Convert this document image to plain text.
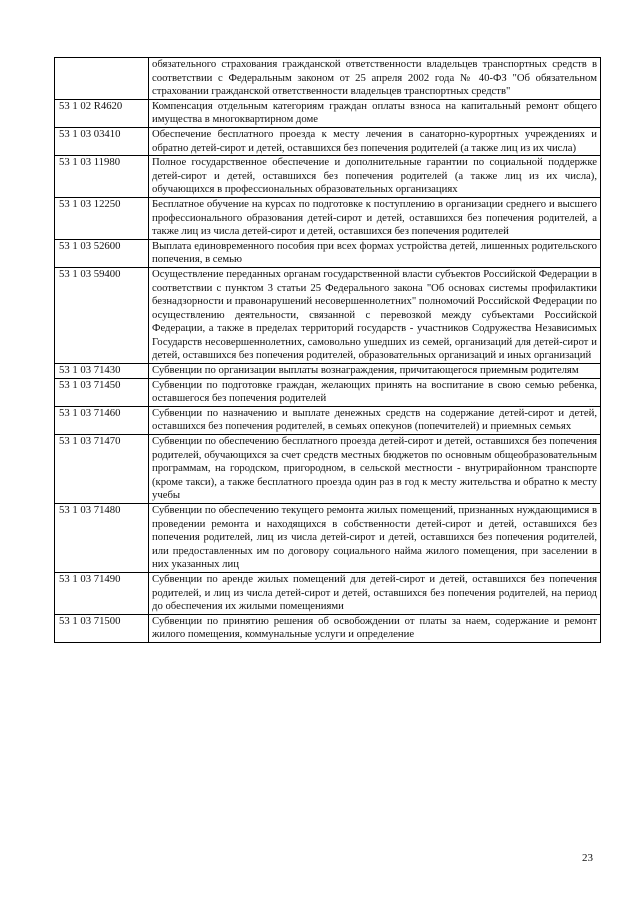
	обязательного страхования гражданской ответственности владельцев транспортных средств в соответствии с Федеральным законом от 25 апреля 2002 года № 40-ФЗ "Об обязательном страховании гражданской ответственности владельцев транспортных средств"
53 1 02 R4620	Компенсация отдельным категориям граждан оплаты взноса на капитальный ремонт общего имущества в многоквартирном доме
53 1 03 03410	Обеспечение бесплатного проезда к месту лечения в санаторно-курортных учреждениях и обратно детей-сирот и детей, оставшихся без попечения родителей (а также лиц из их числа)
53 1 03 11980	Полное государственное обеспечение и дополнительные гарантии по социальной поддержке детей-сирот и детей, оставшихся без попечения родителей (а также лиц из их числа), обучающихся в профессиональных образовательных организациях
53 1 03 12250	Бесплатное обучение на курсах по подготовке к поступлению в организации среднего и высшего профессионального образования детей-сирот и детей, оставшихся без попечения родителей, а также лиц из числа детей-сирот и детей, оставшихся без попечения родителей
53 1 03 52600	Выплата единовременного пособия при всех формах устройства детей, лишенных родительского попечения, в семью
53 1 03 59400	Осуществление переданных органам государственной власти субъектов Российской Федерации в соответствии с пунктом 3 статьи 25 Федерального закона "Об основах системы профилактики безнадзорности и правонарушений несовершеннолетних" полномочий Российской Федерации по осуществлению деятельности, связанной с перевозкой между субъектами Российской Федерации, а также в пределах территорий государств - участников Содружества Независимых Государств несовершеннолетних, самовольно ушедших из семей, организаций для детей-сирот и детей, оставшихся без попечения родителей, образовательных организаций и иных организаций
53 1 03 71430	Субвенции по организации выплаты вознаграждения, причитающегося приемным родителям
53 1 03 71450	Субвенции по подготовке граждан, желающих принять на воспитание в свою семью ребенка, оставшегося без попечения родителей
53 1 03 71460	Субвенции по назначению и выплате денежных средств на содержание детей-сирот и детей, оставшихся без попечения родителей, в семьях опекунов (попечителей) и приемных семьях
53 1 03 71470	Субвенции по обеспечению бесплатного проезда детей-сирот и детей, оставшихся без попечения родителей, обучающихся за счет средств местных бюджетов по основным общеобразовательным программам, на городском, пригородном, в сельской местности - внутрирайонном транспорте (кроме такси), а также бесплатного проезда один раз в год к месту жительства и обратно к месту учебы
53 1 03 71480	Субвенции по обеспечению текущего ремонта жилых помещений, признанных нуждающимися в проведении ремонта и находящихся в собственности детей-сирот и детей, оставшихся без попечения родителей, лиц из числа детей-сирот и детей, оставшихся без попечения родителей, или предоставленных им по договору социального найма жилого помещения, при заселении в них указанных лиц
53 1 03 71490	Субвенции по аренде жилых помещений для детей-сирот и детей, оставшихся без попечения родителей, и лиц из числа детей-сирот и детей, оставшихся без попечения родителей, на период до обеспечения их жилыми помещениями
53 1 03 71500	Субвенции по принятию решения об освобождении от платы за наем, содержание и ремонт жилого помещения, коммунальные услуги и определение
23
